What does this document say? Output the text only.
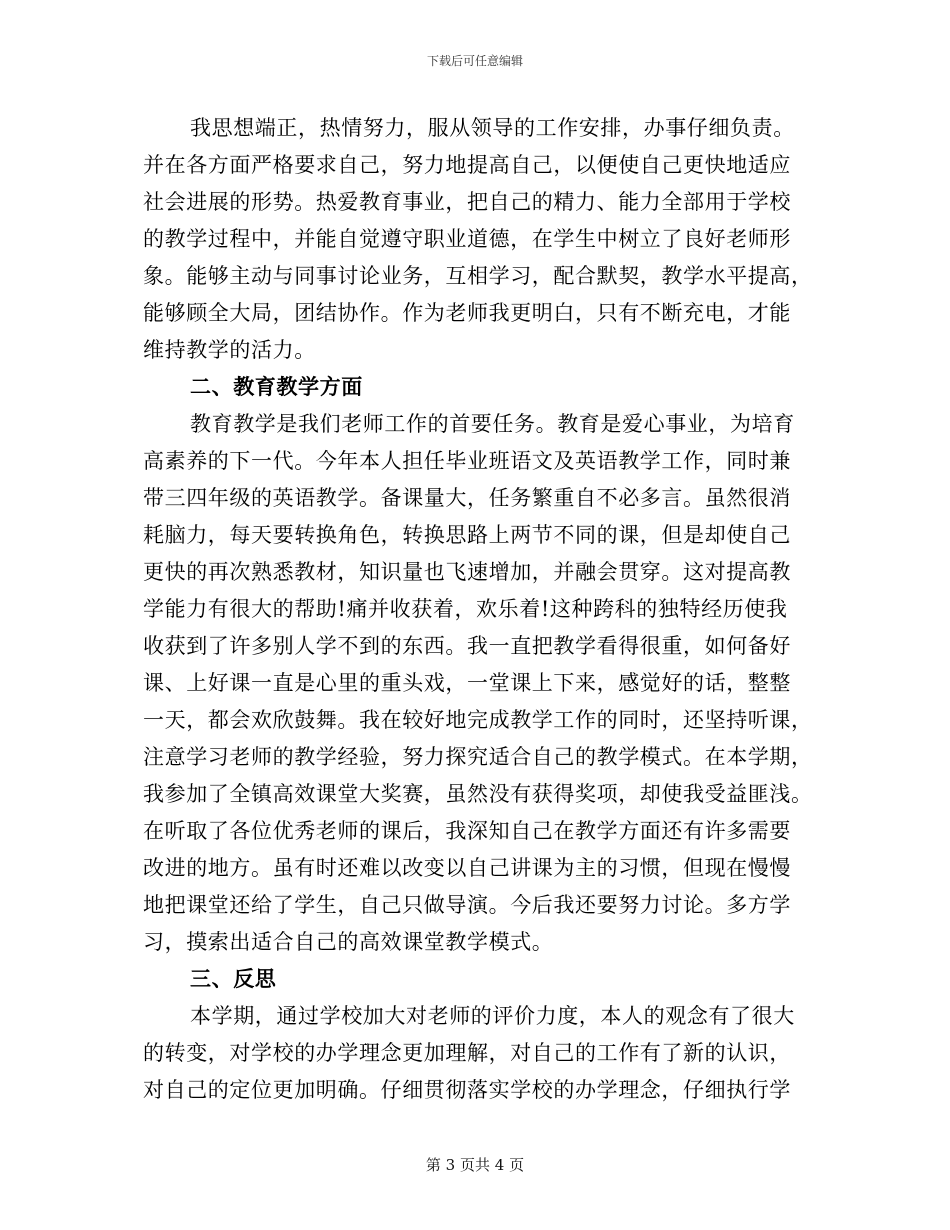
下载后可任意编辑
我思想端正，热情努力，服从领导的工作安排，办事仔细负责。
并在各方面严格要求自己，努力地提高自己，以便使自己更快地适应
社会进展的形势。热爱教育事业，把自己的精力、能力全部用于学校
的教学过程中，并能自觉遵守职业道德，在学生中树立了良好老师形
象。能够主动与同事讨论业务，互相学习，配合默契，教学水平提高，
能够顾全大局，团结协作。作为老师我更明白，只有不断充电，才能
维持教学的活力。
二、教育教学方面
教育教学是我们老师工作的首要任务。教育是爱心事业，为培育
高素养的下一代。今年本人担任毕业班语文及英语教学工作，同时兼
带三四年级的英语教学。备课量大，任务繁重自不必多言。虽然很消
耗脑力，每天要转换角色，转换思路上两节不同的课，但是却使自己
更快的再次熟悉教材，知识量也飞速增加，并融会贯穿。这对提高教
学能力有很大的帮助!痛并收获着，欢乐着!这种跨科的独特经历使我
收获到了许多别人学不到的东西。我一直把教学看得很重，如何备好
课、上好课一直是心里的重头戏，一堂课上下来，感觉好的话，整整
一天，都会欢欣鼓舞。我在较好地完成教学工作的同时，还坚持听课，
注意学习老师的教学经验，努力探究适合自己的教学模式。在本学期，
我参加了全镇高效课堂大奖赛，虽然没有获得奖项，却使我受益匪浅。
在听取了各位优秀老师的课后，我深知自己在教学方面还有许多需要
改进的地方。虽有时还难以改变以自己讲课为主的习惯，但现在慢慢
地把课堂还给了学生，自己只做导演。今后我还要努力讨论。多方学
习，摸索出适合自己的高效课堂教学模式。
三、反思
本学期，通过学校加大对老师的评价力度，本人的观念有了很大
的转变，对学校的办学理念更加理解，对自己的工作有了新的认识，
对自己的定位更加明确。仔细贯彻落实学校的办学理念，仔细执行学
第 3 页共 4 页
